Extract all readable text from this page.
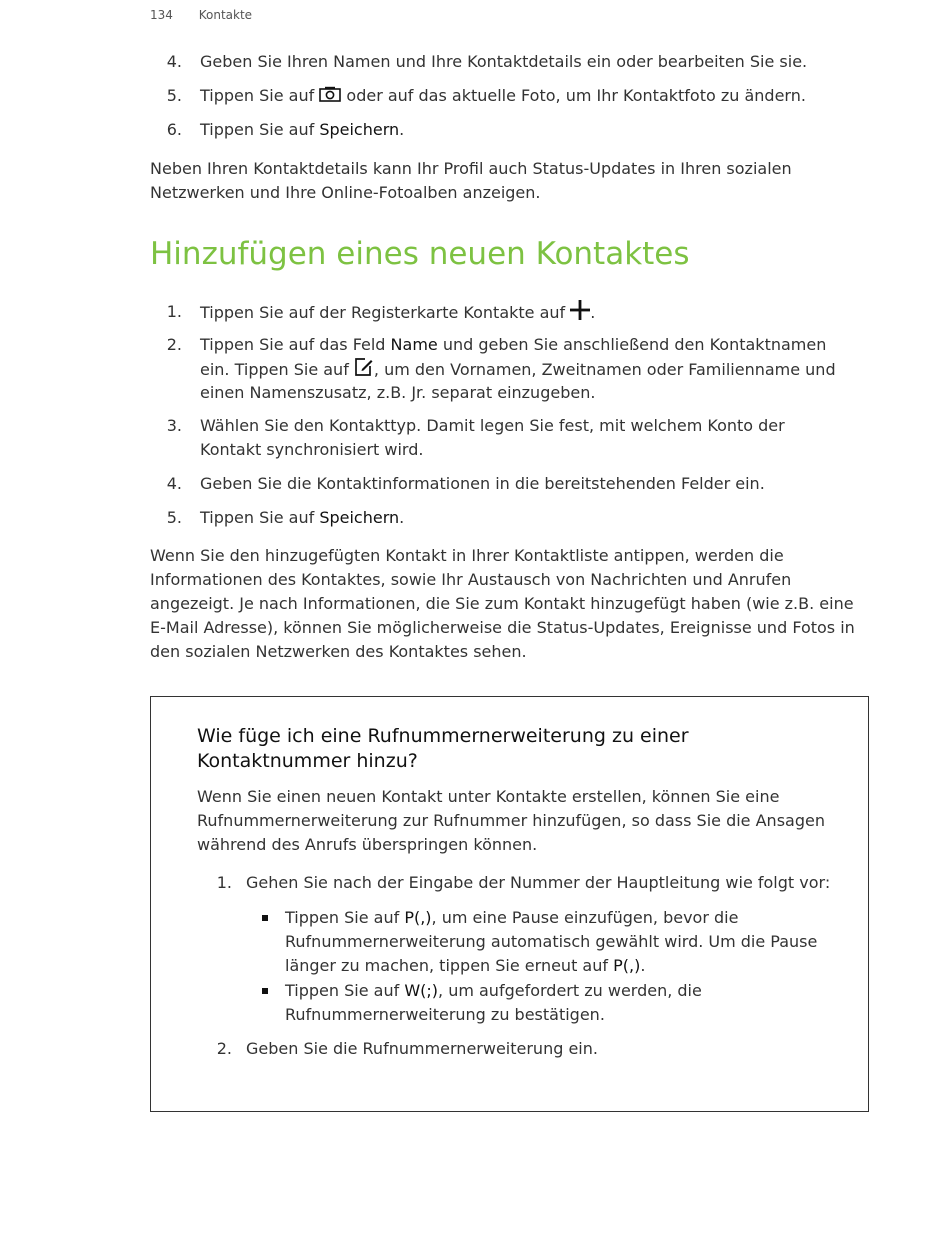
134 Kontakte
4. Geben Sie Ihren Namen und Ihre Kontaktdetails ein oder bearbeiten Sie sie.
5. Tippen Sie auf  oder auf das aktuelle Foto, um Ihr Kontaktfoto zu ändern.
6. Tippen Sie auf Speichern.
Neben Ihren Kontaktdetails kann Ihr Profil auch Status-Updates in Ihren sozialen Netzwerken und Ihre Online-Fotoalben anzeigen.
Hinzufügen eines neuen Kontaktes
1. Tippen Sie auf der Registerkarte Kontakte auf .
2. Tippen Sie auf das Feld Name und geben Sie anschließend den Kontaktnamen
ein. Tippen Sie auf , um den Vornamen, Zweitnamen oder Familienname und
einen Namenszusatz, z.B. Jr. separat einzugeben.
3. Wählen Sie den Kontakttyp. Damit legen Sie fest, mit welchem Konto der
Kontakt synchronisiert wird.
4. Geben Sie die Kontaktinformationen in die bereitstehenden Felder ein.
5. Tippen Sie auf Speichern.
Wenn Sie den hinzugefügten Kontakt in Ihrer Kontaktliste antippen, werden die Informationen des Kontaktes, sowie Ihr Austausch von Nachrichten und Anrufen angezeigt. Je nach Informationen, die Sie zum Kontakt hinzugefügt haben (wie z.B. eine E-Mail Adresse), können Sie möglicherweise die Status-Updates, Ereignisse und Fotos in den sozialen Netzwerken des Kontaktes sehen.
Wie füge ich eine Rufnummernerweiterung zu einer
Kontaktnummer hinzu?
Wenn Sie einen neuen Kontakt unter Kontakte erstellen, können Sie eine Rufnummernerweiterung zur Rufnummer hinzufügen, so dass Sie die Ansagen während des Anrufs überspringen können.
1. Gehen Sie nach der Eingabe der Nummer der Hauptleitung wie folgt vor:
Tippen Sie auf P(,), um eine Pause einzufügen, bevor die
Rufnummernerweiterung automatisch gewählt wird. Um die Pause
länger zu machen, tippen Sie erneut auf P(,).
Tippen Sie auf W(;), um aufgefordert zu werden, die
Rufnummernerweiterung zu bestätigen.
2. Geben Sie die Rufnummernerweiterung ein.
